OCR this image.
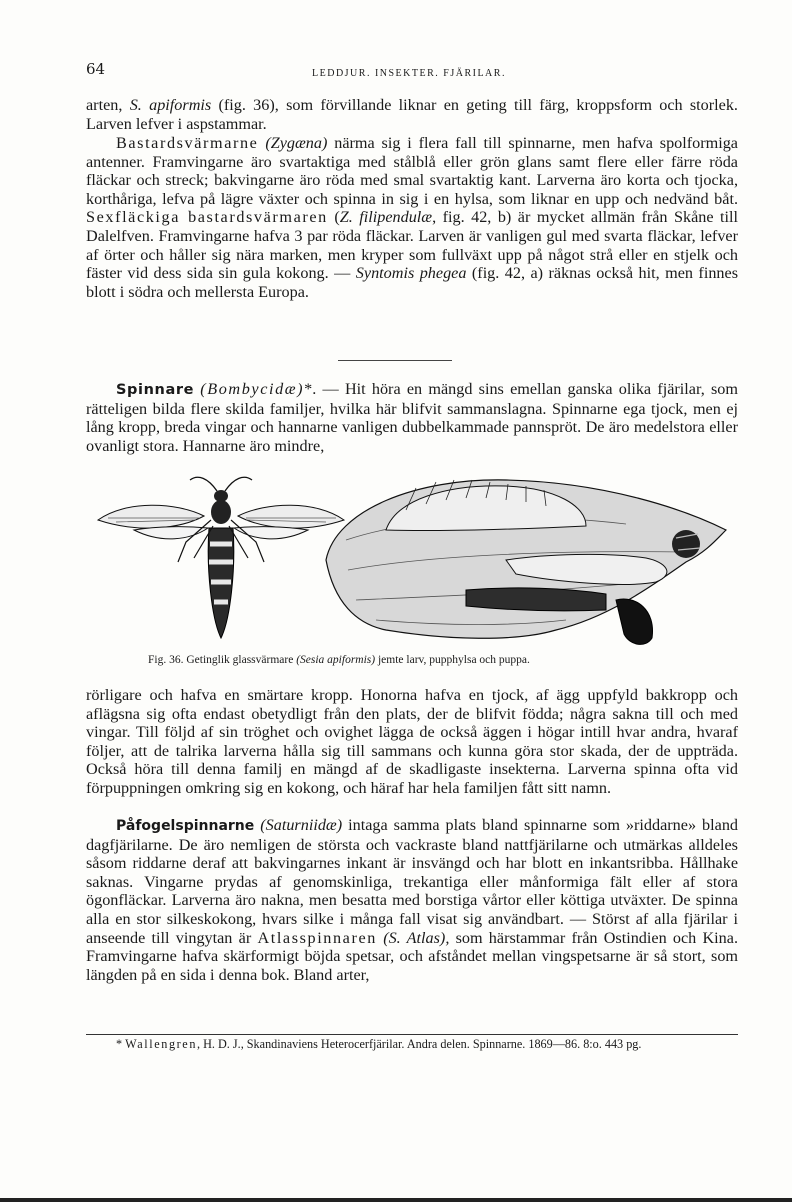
64	LEDDJUR. INSEKTER. FJÄRILAR.

arten, S. apiformis (fig. 36), som förvillande liknar en geting till färg, kroppsform och storlek. Larven lefver i aspstammar.

Bastardsvärmarne (Zygæna) närma sig i flera fall till spinnarne, men hafva spolformiga antenner. Framvingarne äro svartaktiga med stålblå eller grön glans samt flere eller färre röda fläckar och streck; bakvingarne äro röda med smal svartaktig kant. Larverna äro korta och tjocka, korthåriga, lefva på lägre växter och spinna in sig i en hylsa, som liknar en upp och nedvänd båt. Sexfläckiga bastardsvärmaren (Z. filipendulæ, fig. 42, b) är mycket allmän från Skåne till Dalelfven. Framvingarne hafva 3 par röda fläckar. Larven är vanligen gul med svarta fläckar, lefver af örter och håller sig nära marken, men kryper som fullväxt upp på något strå eller en stjelk och fäster vid dess sida sin gula kokong. — Syntomis phegea (fig. 42, a) räknas också hit, men finnes blott i södra och mellersta Europa.

Spinnare (Bombycidæ)*. — Hit höra en mängd sins emellan ganska olika fjärilar, som rätteligen bilda flere skilda familjer, hvilka här blifvit sammanslagna. Spinnarne ega tjock, men ej lång kropp, breda vingar och hannarne vanligen dubbelkammade pannspröt. De äro medelstora eller ovanligt stora. Hannarne äro mindre,

Fig. 36. Getinglik glassvärmare (Sesia apiformis) jemte larv, pupphylsa och puppa.

rörligare och hafva en smärtare kropp. Honorna hafva en tjock, af ägg uppfyld bakkropp och aflägsna sig ofta endast obetydligt från den plats, der de blifvit födda; några sakna till och med vingar. Till följd af sin tröghet och ovighet lägga de också äggen i högar intill hvar andra, hvaraf följer, att de talrika larverna hålla sig till sammans och kunna göra stor skada, der de uppträda. Också höra till denna familj en mängd af de skadligaste insekterna. Larverna spinna ofta vid förpuppningen omkring sig en kokong, och häraf har hela familjen fått sitt namn.

Påfogelspinnarne (Saturniidæ) intaga samma plats bland spinnarne som »riddarne» bland dagfjärilarne. De äro nemligen de största och vackraste bland nattfjärilarne och utmärkas alldeles såsom riddarne deraf att bakvingarnes inkant är insvängd och har blott en inkantsribba. Hållhake saknas. Vingarne prydas af genomskinliga, trekantiga eller månformiga fält eller af stora ögonfläckar. Larverna äro nakna, men besatta med borstiga vårtor eller köttiga utväxter. De spinna alla en stor silkeskokong, hvars silke i många fall visat sig användbart. — Störst af alla fjärilar i anseende till vingytan är Atlasspinnaren (S. Atlas), som härstammar från Ostindien och Kina. Framvingarne hafva skärformigt böjda spetsar, och afståndet mellan vingspetsarne är så stort, som längden på en sida i denna bok. Bland arter,

* Wallengren, H. D. J., Skandinaviens Heterocerfjärilar. Andra delen. Spinnarne. 1869—86. 8:o. 443 pg.
